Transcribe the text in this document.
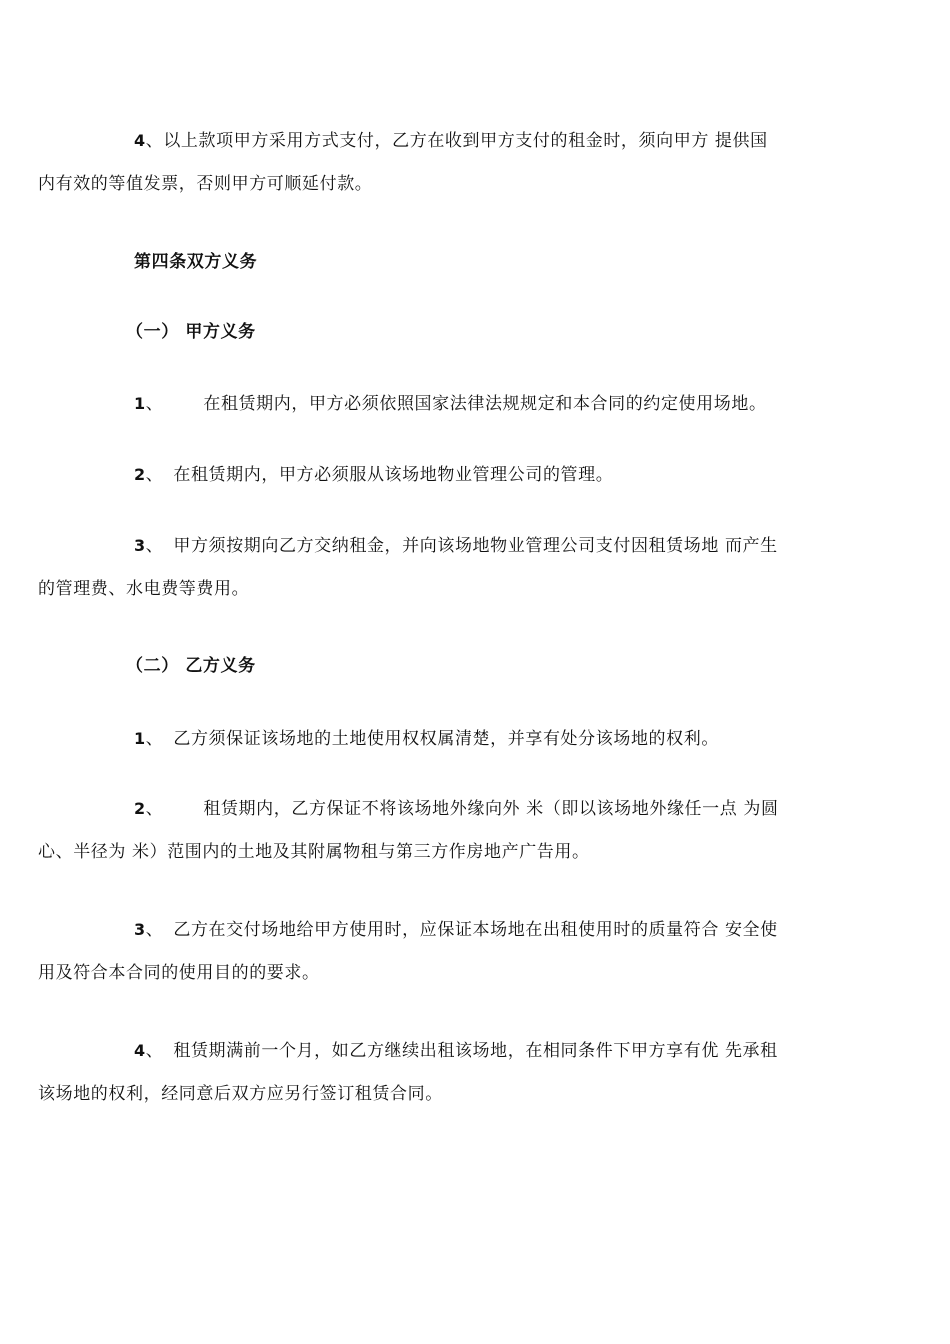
4、以上款项甲方采用方式支付，乙方在收到甲方支付的租金时，须向甲方 提供国
内有效的等值发票，否则甲方可顺延付款。

第四条双方义务

（一） 甲方义务

1、 在租赁期内，甲方必须依照国家法律法规规定和本合同的约定使用场地。

2、 在租赁期内，甲方必须服从该场地物业管理公司的管理。

3、 甲方须按期向乙方交纳租金，并向该场地物业管理公司支付因租赁场地 而产生
的管理费、水电费等费用。

（二） 乙方义务

1、 乙方须保证该场地的土地使用权权属清楚，并享有处分该场地的权利。

2、 租赁期内，乙方保证不将该场地外缘向外 米（即以该场地外缘任一点 为圆
心、半径为 米）范围内的土地及其附属物租与第三方作房地产广告用。

3、 乙方在交付场地给甲方使用时，应保证本场地在出租使用时的质量符合 安全使
用及符合本合同的使用目的的要求。

4、 租赁期满前一个月，如乙方继续出租该场地，在相同条件下甲方享有优 先承租
该场地的权利，经同意后双方应另行签订租赁合同。
